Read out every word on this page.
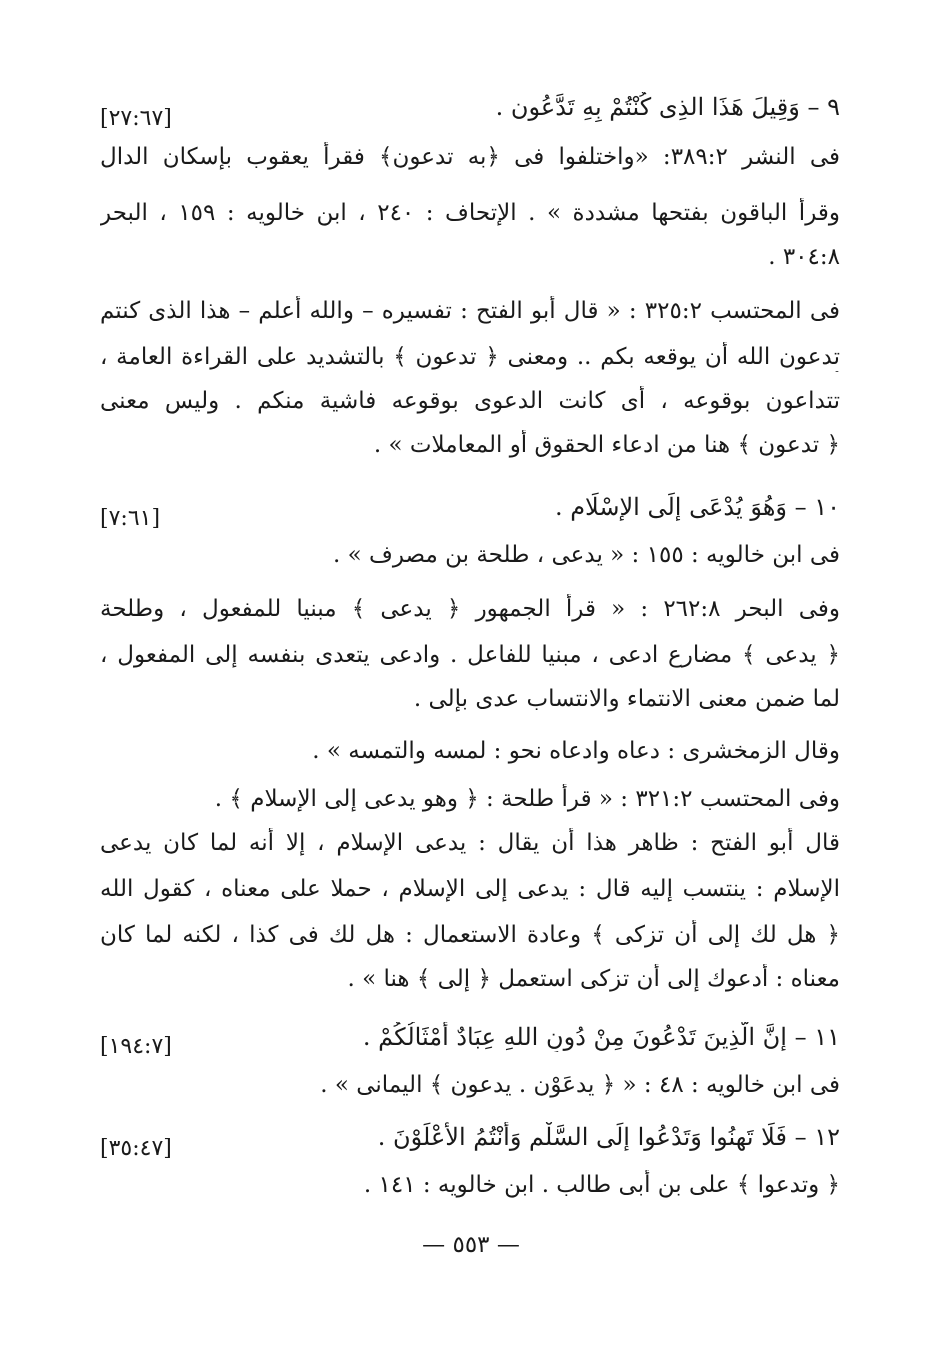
٩ – وَقِيلَ هَذَا الذِى كُنْتُمْ بِهِ تَدَّعُون .
[٢٧:٦٧]
فى النشر ٣٨٩:٢: «واختلفوا فى ﴿به تدعون﴾ فقرأ يعقوب بإسكان الدال
وقرأ الباقون بفتحها مشددة » . الإتحاف : ٢٤٠ ، ابن خالويه : ١٥٩ ، البحر
٣٠٤:٨ .
فى المحتسب ٣٢٥:٢ : « قال أبو الفتح : تفسيره – والله أعلم – هذا الذى كنتم
تدعون الله أن يوقعه بكم .. ومعنى ﴿ تدعون ﴾ بالتشديد على القراءة العامة ،
تتداعون بوقوعه ، أى كانت الدعوى بوقوعه فاشية منكم . وليس معنى
﴿ تدعون ﴾ هنا من ادعاء الحقوق أو المعاملات » .
١٠ – وَهُوَ يُدْعَى إِلَى الإِسْلَامِ .
[٧:٦١]
فى ابن خالويه : ١٥٥ : « يدعى ، طلحة بن مصرف » .
وفى البحر ٢٦٢:٨ : « قرأ الجمهور ﴿ يدعى ﴾ مبنيا للمفعول ، وطلحة
﴿ يدعى ﴾ مضارع ادعى ، مبنيا للفاعل . وادعى يتعدى بنفسه إلى المفعول ،
لما ضمن معنى الانتماء والانتساب عدى بإلى .
وقال الزمخشرى : دعاه وادعاه نحو : لمسه والتمسه » .
وفى المحتسب ٣٢١:٢ : « قرأ طلحة : ﴿ وهو يدعى إلى الإسلام ﴾ .
قال أبو الفتح : ظاهر هذا أن يقال : يدعى الإسلام ، إلا أنه لما كان يدعى
الإسلام : ينتسب إليه قال : يدعى إلى الإسلام ، حملا على معناه ، كقول الله
﴿ هل لك إلى أن تزكى ﴾ وعادة الاستعمال : هل لك فى كذا ، لكنه لما كان
معناه : أدعوك إلى أن تزكى استعمل ﴿ إلى ﴾ هنا » .
١١ – إِنَّ الَّذِينَ تَدْعُونَ مِنْ دُونِ اللهِ عِبَادٌ أَمْثَالُكُمْ .
[١٩٤:٧]
فى ابن خالويه : ٤٨ : « ﴿ يدعَوْن . يدعون ﴾ اليمانى » .
١٢ – فَلَا تَهِنُوا وَتَدْعُوا إِلَى السَّلْمِ وَأَنْتُمُ الأَعْلَوْنَ .
[٣٥:٤٧]
﴿ وتدعوا ﴾ على بن أبى طالب . ابن خالويه : ١٤١ .
— ٥٥٣ —
